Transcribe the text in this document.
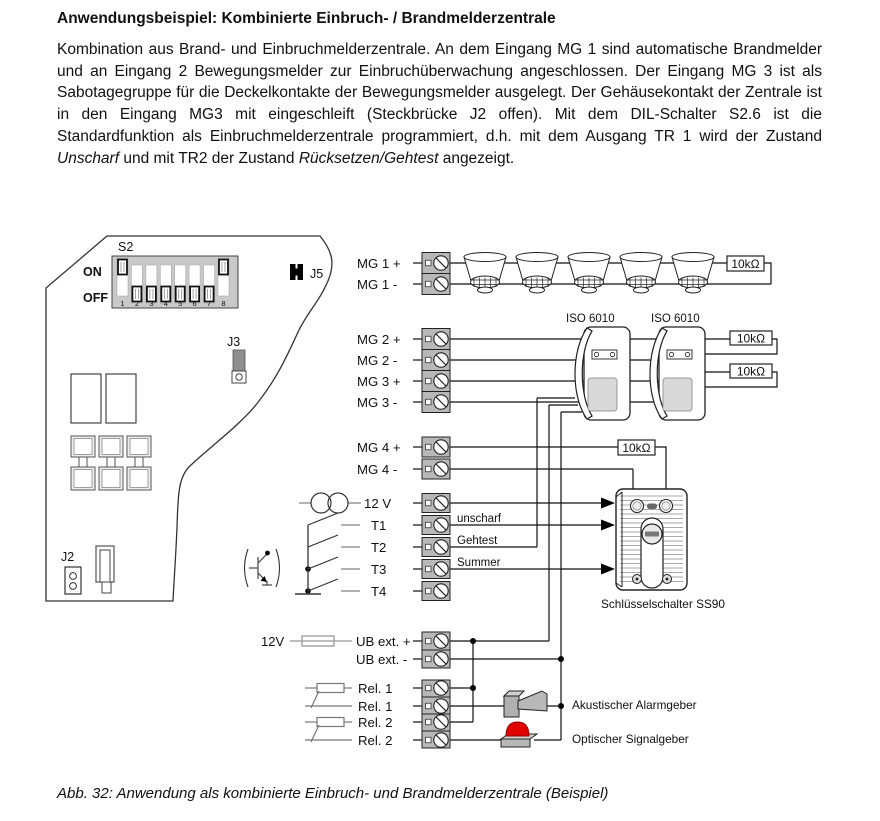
Anwendungsbeispiel: Kombinierte Einbruch- / Brandmelderzentrale

Kombination aus Brand- und Einbruchmelderzentrale. An dem Eingang MG 1 sind automatische Brandmelder und an Eingang 2 Bewegungsmelder zur Einbruchüberwachung angeschlossen. Der Eingang MG 3 ist als Sabotagegruppe für die Deckelkontakte der Bewegungsmelder ausgelegt. Der Gehäusekontakt der Zentrale ist in den Eingang MG3 mit eingeschleift (Steckbrücke J2 offen). Mit dem DIL-Schalter S2.6 ist die Standardfunktion als Einbruchmelderzentrale programmiert, d.h. mit dem Ausgang TR 1 wird der Zustand Unscharf und mit TR2 der Zustand Rücksetzen/Gehtest angezeigt.

1 2 3 4 5 6 7 8
S2
ON
OFF
J5
J3
J2
12V
10kΩ
10kΩ
10kΩ
10kΩ
ISO 6010	ISO 6010
unscharf
Gehtest
Summer
Schlüsselschalter SS90
Akustischer Alarmgeber
Optischer Signalgeber
MG 1 +
MG 1 -
MG 2 +
MG 2 -
MG 3 +
MG 3 -
MG 4 +
MG 4 -
12 V
T1
T2
T3
T4
UB ext. +
UB ext. -
Rel. 1
Rel. 1
Rel. 2
Rel. 2

Abb. 32: Anwendung als kombinierte Einbruch- und Brandmelderzentrale (Beispiel)
